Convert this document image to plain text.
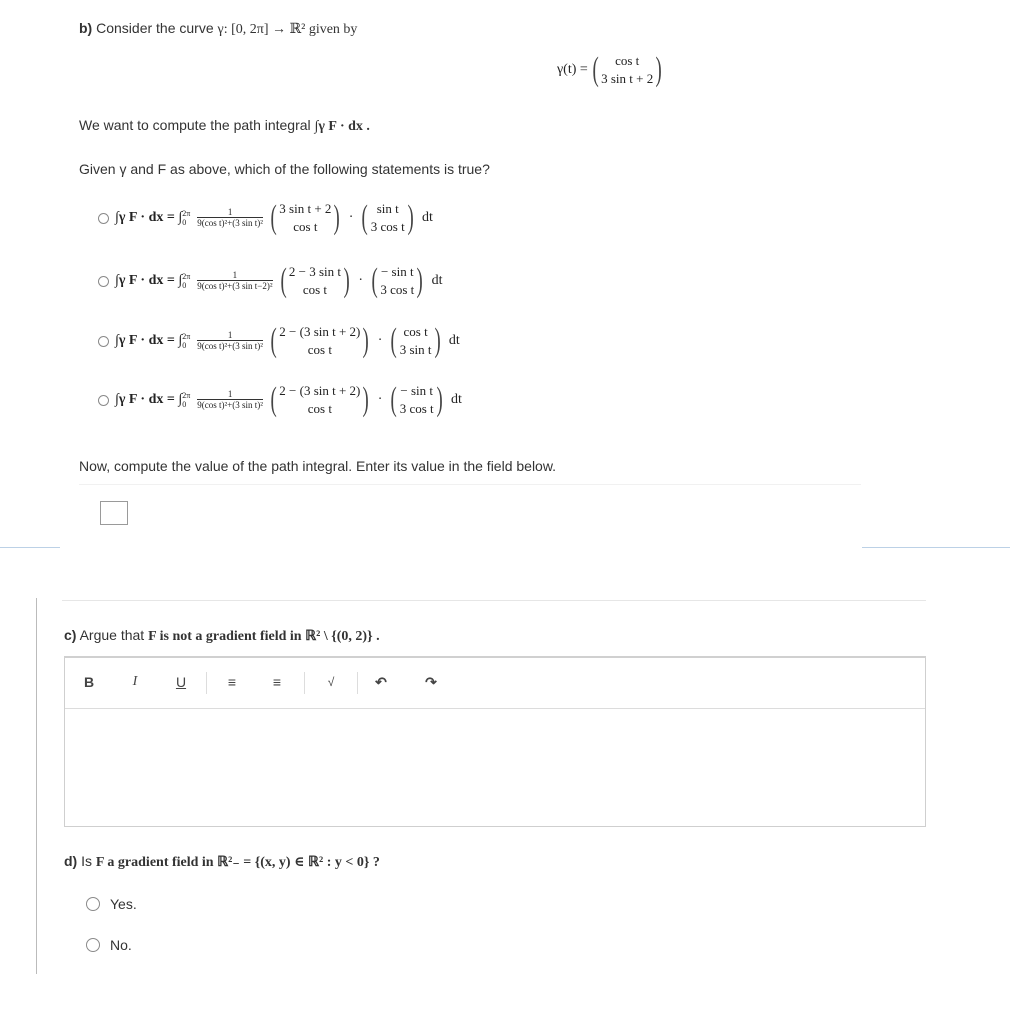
b) Consider the curve γ: [0, 2π] → ℝ² given by
γ(t) = ( cos t
3 sin t + 2 )
We want to compute the path integral ∫γ F · dx .
Given γ and F as above, which of the following statements is true?
∫γ F · dx = ∫ 2π
0	$\frac{1}{\text{9(cos t)²+(3 sin t)²}}$ ( 3 sin t + 2
cos t ) · ( sin t
3 cos t ) dt
∫γ F · dx = ∫ 2π
0	$\frac{1}{\text{9(cos t)²+(3 sin t−2)²}}$ ( 2 − 3 sin t
cos t ) · ( − sin t
3 cos t ) dt
∫γ F · dx = ∫ 2π
0	$\frac{1}{\text{9(cos t)²+(3 sin t)²}}$ ( 2 − (3 sin t + 2)
cos t ) · ( cos t
3 sin t ) dt
∫γ F · dx = ∫ 2π
0	$\frac{1}{\text{9(cos t)²+(3 sin t)²}}$ ( 2 − (3 sin t + 2)
cos t ) · ( − sin t
3 cos t ) dt
Now, compute the value of the path integral. Enter its value in the field below.
c) Argue that F is not a gradient field in ℝ² \ {(0, 2)} .
B	I	U	≡	≡	√	↶	↷
d) Is F a gradient field in ℝ²₋ = {(x, y) ∈ ℝ² : y < 0} ?
Yes.
No.
